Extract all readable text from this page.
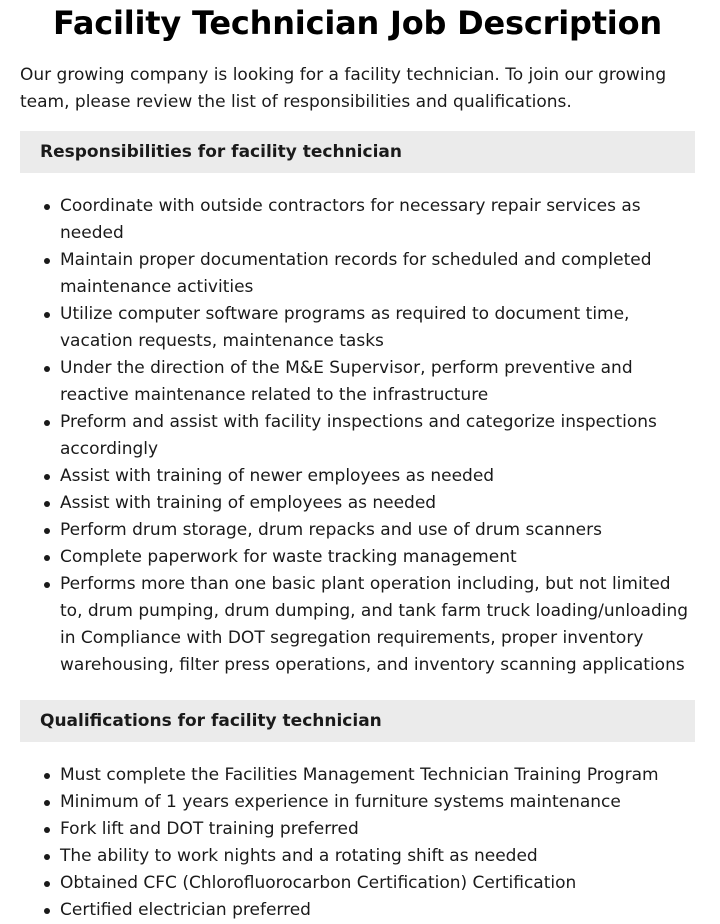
Facility Technician Job Description

Our growing company is looking for a facility technician. To join our growing team, please review the list of responsibilities and qualifications.

Responsibilities for facility technician
Coordinate with outside contractors for necessary repair services as needed
Maintain proper documentation records for scheduled and completed maintenance activities
Utilize computer software programs as required to document time, vacation requests, maintenance tasks
Under the direction of the M&E Supervisor, perform preventive and reactive maintenance related to the infrastructure
Preform and assist with facility inspections and categorize inspections accordingly
Assist with training of newer employees as needed
Assist with training of employees as needed
Perform drum storage, drum repacks and use of drum scanners
Complete paperwork for waste tracking management
Performs more than one basic plant operation including, but not limited to, drum pumping, drum dumping, and tank farm truck loading/unloading in Compliance with DOT segregation requirements, proper inventory warehousing, filter press operations, and inventory scanning applications
Qualifications for facility technician
Must complete the Facilities Management Technician Training Program
Minimum of 1 years experience in furniture systems maintenance
Fork lift and DOT training preferred
The ability to work nights and a rotating shift as needed
Obtained CFC (Chlorofluorocarbon Certification) Certification
Certified electrician preferred
